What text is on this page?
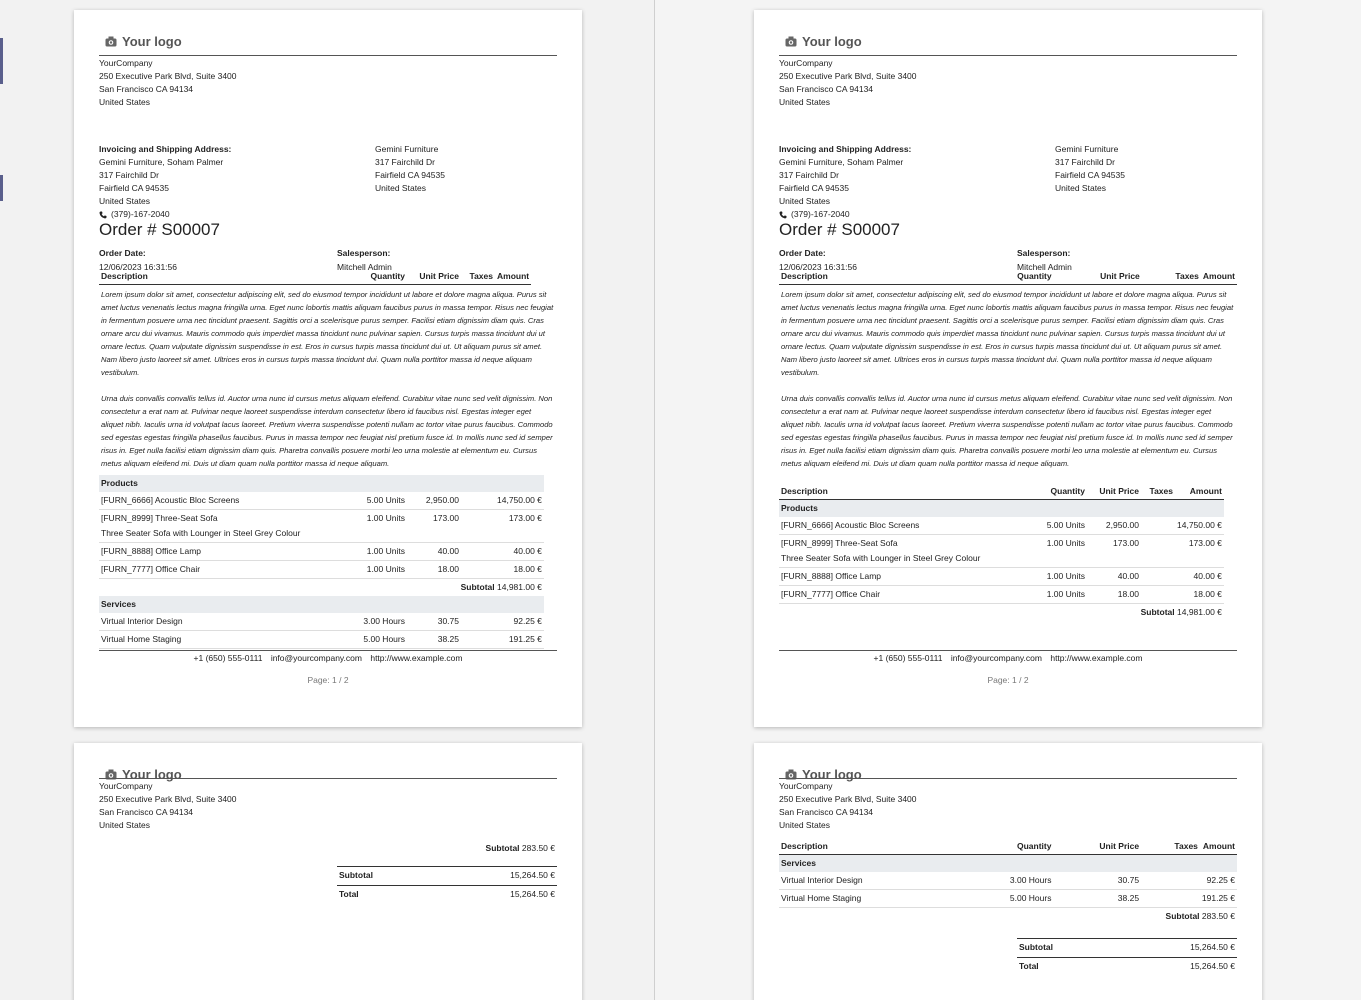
Your logo
YourCompany
250 Executive Park Blvd, Suite 3400
San Francisco CA 94134
United States
Invoicing and Shipping Address:
Gemini Furniture, Soham Palmer
317 Fairchild Dr
Fairfield CA 94535
United States
(379)-167-2040
Gemini Furniture
317 Fairchild Dr
Fairfield CA 94535
United States
Order # S00007
Order Date:
12/06/2023 16:31:56
Salesperson:
Mitchell Admin
Description	Quantity	Unit Price	Taxes	Amount

Lorem ipsum dolor sit amet, consectetur adipiscing elit, sed do eiusmod tempor incididunt ut labore et dolore magna aliqua. Purus sit amet luctus venenatis lectus magna fringilla urna. Eget nunc lobortis mattis aliquam faucibus purus in massa tempor. Risus nec feugiat in fermentum posuere urna nec tincidunt praesent. Sagittis orci a scelerisque purus semper. Facilisi etiam dignissim diam quis. Cras ornare arcu dui vivamus. Mauris commodo quis imperdiet massa tincidunt nunc pulvinar sapien. Cursus turpis massa tincidunt dui ut ornare lectus. Quam vulputate dignissim suspendisse in est. Eros in cursus turpis massa tincidunt dui ut. Ut aliquam purus sit amet. Nam libero justo laoreet sit amet. Ultrices eros in cursus turpis massa tincidunt dui. Quam nulla porttitor massa id neque aliquam vestibulum.

Urna duis convallis convallis tellus id. Auctor urna nunc id cursus metus aliquam eleifend. Curabitur vitae nunc sed velit dignissim. Non consectetur a erat nam at. Pulvinar neque laoreet suspendisse interdum consectetur libero id faucibus nisl. Egestas integer eget aliquet nibh. Iaculis urna id volutpat lacus laoreet. Pretium viverra suspendisse potenti nullam ac tortor vitae purus faucibus. Commodo sed egestas egestas fringilla phasellus faucibus. Purus in massa tempor nec feugiat nisl pretium fusce id. In mollis nunc sed id semper risus in. Eget nulla facilisi etiam dignissim diam quis. Pharetra convallis posuere morbi leo urna molestie at elementum eu. Cursus metus aliquam eleifend mi. Duis ut diam quam nulla porttitor massa id neque aliquam.

Products				
[FURN_6666] Acoustic Bloc Screens	5.00 Units	2,950.00		14,750.00 €
[FURN_8999] Three-Seat Sofa	1.00 Units	173.00		173.00 €
Three Seater Sofa with Lounger in Steel Grey Colour				
[FURN_8888] Office Lamp	1.00 Units	40.00		40.00 €
[FURN_7777] Office Chair	1.00 Units	18.00		18.00 €
Subtotal 14,981.00 €				
Services				
Virtual Interior Design	3.00 Hours	30.75		92.25 €
Virtual Home Staging	5.00 Hours	38.25		191.25 €
+1 (650) 555-0111 info@yourcompany.com http://www.example.com
Page: 1 / 2
Your logo
YourCompany
250 Executive Park Blvd, Suite 3400
San Francisco CA 94134
United States
Subtotal 283.50 €
Subtotal	15,264.50 €
Total	15,264.50 €
Your logo
YourCompany
250 Executive Park Blvd, Suite 3400
San Francisco CA 94134
United States
Invoicing and Shipping Address:
Gemini Furniture, Soham Palmer
317 Fairchild Dr
Fairfield CA 94535
United States
(379)-167-2040
Gemini Furniture
317 Fairchild Dr
Fairfield CA 94535
United States
Order # S00007
Order Date:
12/06/2023 16:31:56
Salesperson:
Mitchell Admin
Description	Quantity	Unit Price	Taxes	Amount

Lorem ipsum dolor sit amet, consectetur adipiscing elit, sed do eiusmod tempor incididunt ut labore et dolore magna aliqua. Purus sit amet luctus venenatis lectus magna fringilla urna. Eget nunc lobortis mattis aliquam faucibus purus in massa tempor. Risus nec feugiat in fermentum posuere urna nec tincidunt praesent. Sagittis orci a scelerisque purus semper. Facilisi etiam dignissim diam quis. Cras ornare arcu dui vivamus. Mauris commodo quis imperdiet massa tincidunt nunc pulvinar sapien. Cursus turpis massa tincidunt dui ut ornare lectus. Quam vulputate dignissim suspendisse in est. Eros in cursus turpis massa tincidunt dui ut. Ut aliquam purus sit amet. Nam libero justo laoreet sit amet. Ultrices eros in cursus turpis massa tincidunt dui. Quam nulla porttitor massa id neque aliquam vestibulum.

Urna duis convallis convallis tellus id. Auctor urna nunc id cursus metus aliquam eleifend. Curabitur vitae nunc sed velit dignissim. Non consectetur a erat nam at. Pulvinar neque laoreet suspendisse interdum consectetur libero id faucibus nisl. Egestas integer eget aliquet nibh. Iaculis urna id volutpat lacus laoreet. Pretium viverra suspendisse potenti nullam ac tortor vitae purus faucibus. Commodo sed egestas egestas fringilla phasellus faucibus. Purus in massa tempor nec feugiat nisl pretium fusce id. In mollis nunc sed id semper risus in. Eget nulla facilisi etiam dignissim diam quis. Pharetra convallis posuere morbi leo urna molestie at elementum eu. Cursus metus aliquam eleifend mi. Duis ut diam quam nulla porttitor massa id neque aliquam.

Description	Quantity	Unit Price	Taxes	Amount
Products				
[FURN_6666] Acoustic Bloc Screens	5.00 Units	2,950.00		14,750.00 €
[FURN_8999] Three-Seat Sofa	1.00 Units	173.00		173.00 €
Three Seater Sofa with Lounger in Steel Grey Colour				
[FURN_8888] Office Lamp	1.00 Units	40.00		40.00 €
[FURN_7777] Office Chair	1.00 Units	18.00		18.00 €
Subtotal 14,981.00 €				
+1 (650) 555-0111 info@yourcompany.com http://www.example.com
Page: 1 / 2
Your logo
YourCompany
250 Executive Park Blvd, Suite 3400
San Francisco CA 94134
United States
Description	Quantity	Unit Price	Taxes	Amount
Services				
Virtual Interior Design	3.00 Hours	30.75		92.25 €
Virtual Home Staging	5.00 Hours	38.25		191.25 €
Subtotal 283.50 €				
Subtotal	15,264.50 €
Total	15,264.50 €
